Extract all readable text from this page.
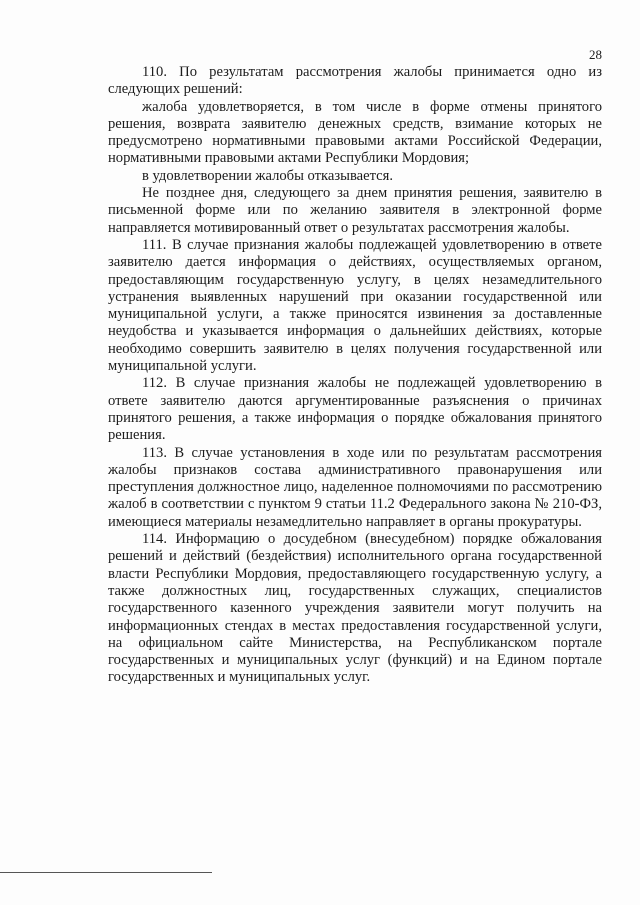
28

110. По результатам рассмотрения жалобы принимается одно из следующих решений:

жалоба удовлетворяется, в том числе в форме отмены принятого решения, возврата заявителю денежных средств, взимание которых не предусмотрено нормативными правовыми актами Российской Федерации, нормативными правовыми актами Республики Мордовия;

в удовлетворении жалобы отказывается.

Не позднее дня, следующего за днем принятия решения, заявителю в письменной форме или по желанию заявителя в электронной форме направляется мотивированный ответ о результатах рассмотрения жалобы.

111. В случае признания жалобы подлежащей удовлетворению в ответе заявителю дается информация о действиях, осуществляемых органом, предоставляющим государственную услугу, в целях незамедлительного устранения выявленных нарушений при оказании государственной или муниципальной услуги, а также приносятся извинения за доставленные неудобства и указывается информация о дальнейших действиях, которые необходимо совершить заявителю в целях получения государственной или муниципальной услуги.

112. В случае признания жалобы не подлежащей удовлетворению в ответе заявителю даются аргументированные разъяснения о причинах принятого решения, а также информация о порядке обжалования принятого решения.

113. В случае установления в ходе или по результатам рассмотрения жалобы признаков состава административного правонарушения или преступления должностное лицо, наделенное полномочиями по рассмотрению жалоб в соответствии с пунктом 9 статьи 11.2 Федерального закона № 210-ФЗ, имеющиеся материалы незамедлительно направляет в органы прокуратуры.

114. Информацию о досудебном (внесудебном) порядке обжалования решений и действий (бездействия) исполнительного органа государственной власти Республики Мордовия, предоставляющего государственную услугу, а также должностных лиц, государственных служащих, специалистов государственного казенного учреждения заявители могут получить на информационных стендах в местах предоставления государственной услуги, на официальном сайте Министерства, на Республиканском портале государственных и муниципальных услуг (функций) и на Едином портале государственных и муниципальных услуг.
